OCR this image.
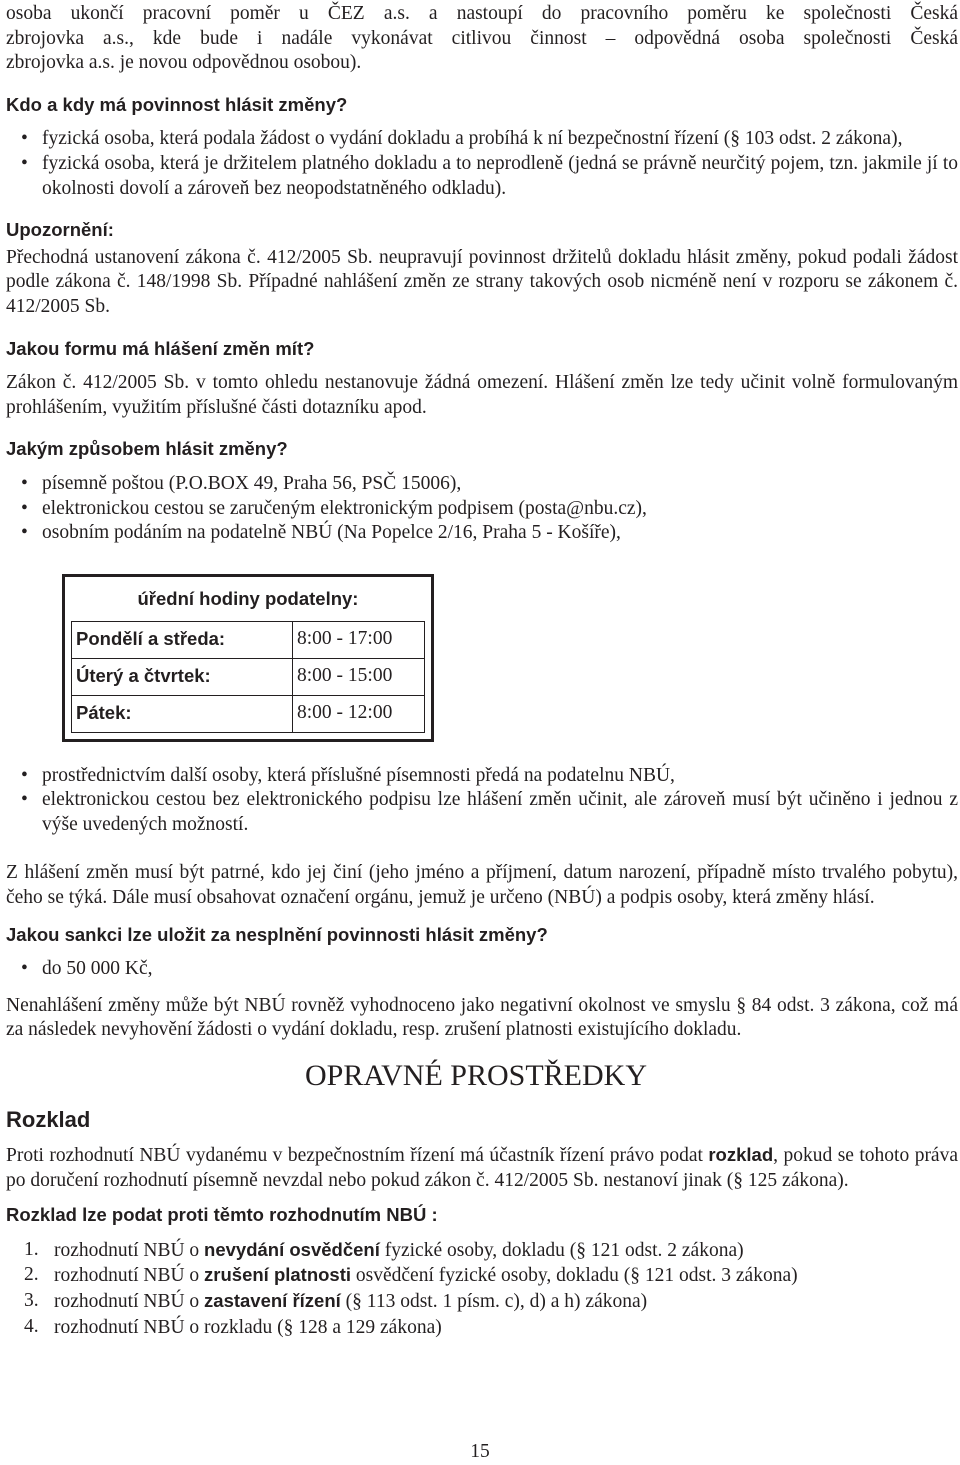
osoba ukončí pracovní poměr u ČEZ a.s. a nastoupí do pracovního poměru ke společnosti Česká

zbrojovka a.s., kde bude i nadále vykonávat citlivou činnost – odpovědná osoba společnosti Česká

zbrojovka a.s. je novou odpovědnou osobou).

Kdo a kdy má povinnost hlásit změny?
• fyzická osoba, která podala žádost o vydání dokladu a probíhá k ní bezpečnostní řízení (§ 103 odst. 2 zákona),
• fyzická osoba, která je držitelem platného dokladu a to neprodleně (jedná se právně neurčitý pojem, tzn. jakmile jí to okolnosti dovolí a zároveň bez neopodstatněného odkladu).
Upozornění:

Přechodná ustanovení zákona č. 412/2005 Sb. neupravují povinnost držitelů dokladu hlásit změny, pokud podali žádost podle zákona č. 148/1998 Sb. Případné nahlášení změn ze strany takových osob nicméně není v rozporu se zákonem č. 412/2005 Sb.

Jakou formu má hlášení změn mít?

Zákon č. 412/2005 Sb. v tomto ohledu nestanovuje žádná omezení. Hlášení změn lze tedy učinit volně formulovaným prohlášením, využitím příslušné části dotazníku apod.

Jakým způsobem hlásit změny?
• písemně poštou (P.O.BOX 49, Praha 56, PSČ 15006),
• elektronickou cestou se zaručeným elektronickým podpisem (posta@nbu.cz),
• osobním podáním na podatelně NBÚ (Na Popelce 2/16, Praha 5 - Košíře),
úřední hodiny podatelny:
Pondělí a středa:	8:00 - 17:00
Úterý a čtvrtek:	8:00 - 15:00
Pátek:	8:00 - 12:00
• prostřednictvím další osoby, která příslušné písemnosti předá na podatelnu NBÚ,
• elektronickou cestou bez elektronického podpisu lze hlášení změn učinit, ale zároveň musí být učiněno i jednou z výše uvedených možností.

Z hlášení změn musí být patrné, kdo jej činí (jeho jméno a příjmení, datum narození, případně místo trvalého pobytu), čeho se týká. Dále musí obsahovat označení orgánu, jemuž je určeno (NBÚ) a podpis osoby, která změny hlásí.

Jakou sankci lze uložit za nesplnění povinnosti hlásit změny?
• do 50 000 Kč,

Nenahlášení změny může být NBÚ rovněž vyhodnoceno jako negativní okolnost ve smyslu § 84 odst. 3 zákona, což má za následek nevyhovění žádosti o vydání dokladu, resp. zrušení platnosti existujícího dokladu.

OPRAVNÉ PROSTŘEDKY
Rozklad

Proti rozhodnutí NBÚ vydanému v bezpečnostním řízení má účastník řízení právo podat rozklad, pokud se tohoto práva po doručení rozhodnutí písemně nevzdal nebo pokud zákon č. 412/2005 Sb. nestanoví jinak (§ 125 zákona).

Rozklad lze podat proti těmto rozhodnutím NBÚ :
1. rozhodnutí NBÚ o nevydání osvědčení fyzické osoby, dokladu (§ 121 odst. 2 zákona)
2. rozhodnutí NBÚ o zrušení platnosti osvědčení fyzické osoby, dokladu (§ 121 odst. 3 zákona)
3. rozhodnutí NBÚ o zastavení řízení (§ 113 odst. 1 písm. c), d) a h) zákona)
4. rozhodnutí NBÚ o rozkladu (§ 128 a 129 zákona)
15
